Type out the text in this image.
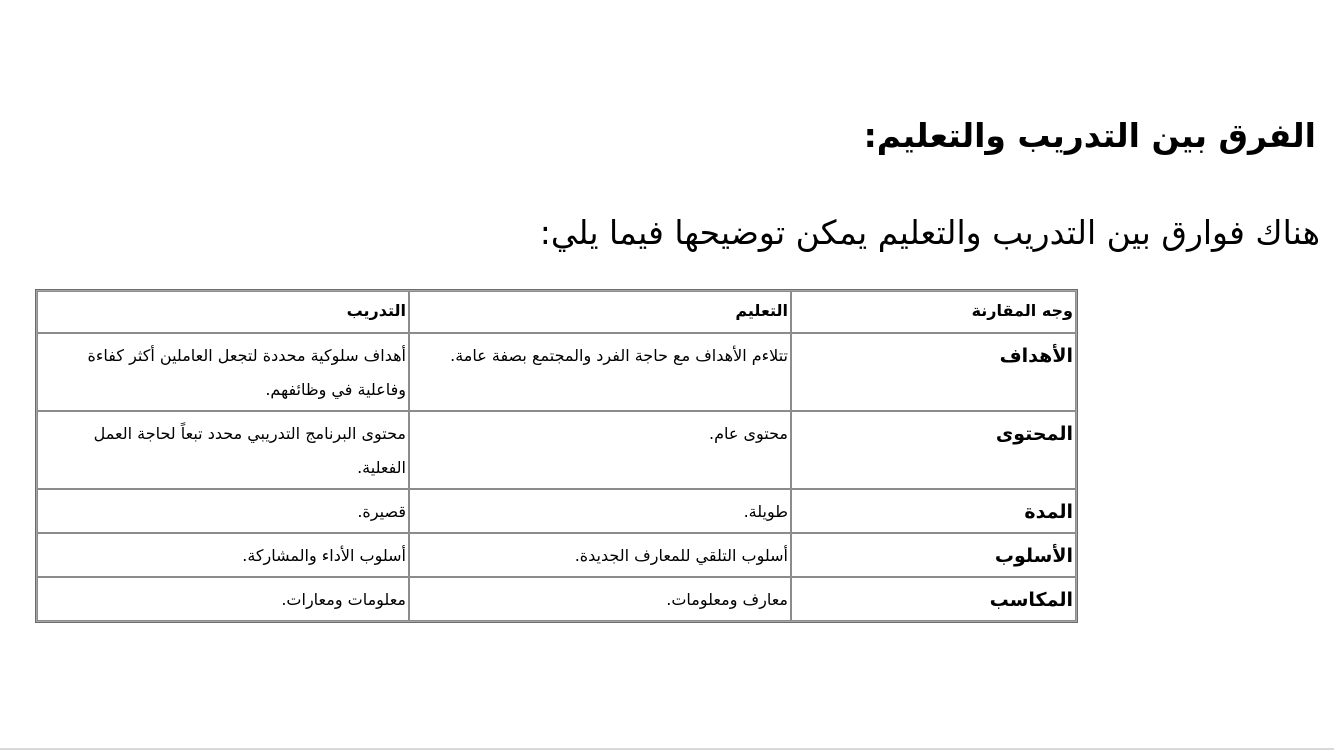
الفرق بين التدريب والتعليم:
هناك فوارق بين التدريب والتعليم يمكن توضيحها فيما يلي:
وجه المقارنة	التعليم	التدريب
الأهداف	تتلاءم الأهداف مع حاجة الفرد والمجتمع بصفة عامة.	أهداف سلوكية محددة لتجعل العاملين أكثر كفاءة وفاعلية في وظائفهم.
المحتوى	محتوى عام.	محتوى البرنامج التدريبي محدد تبعاً لحاجة العمل الفعلية.
المدة	طويلة.	قصيرة.
الأسلوب	أسلوب التلقي للمعارف الجديدة.	أسلوب الأداء والمشاركة.
المكاسب	معارف ومعلومات.	معلومات ومعارات.
